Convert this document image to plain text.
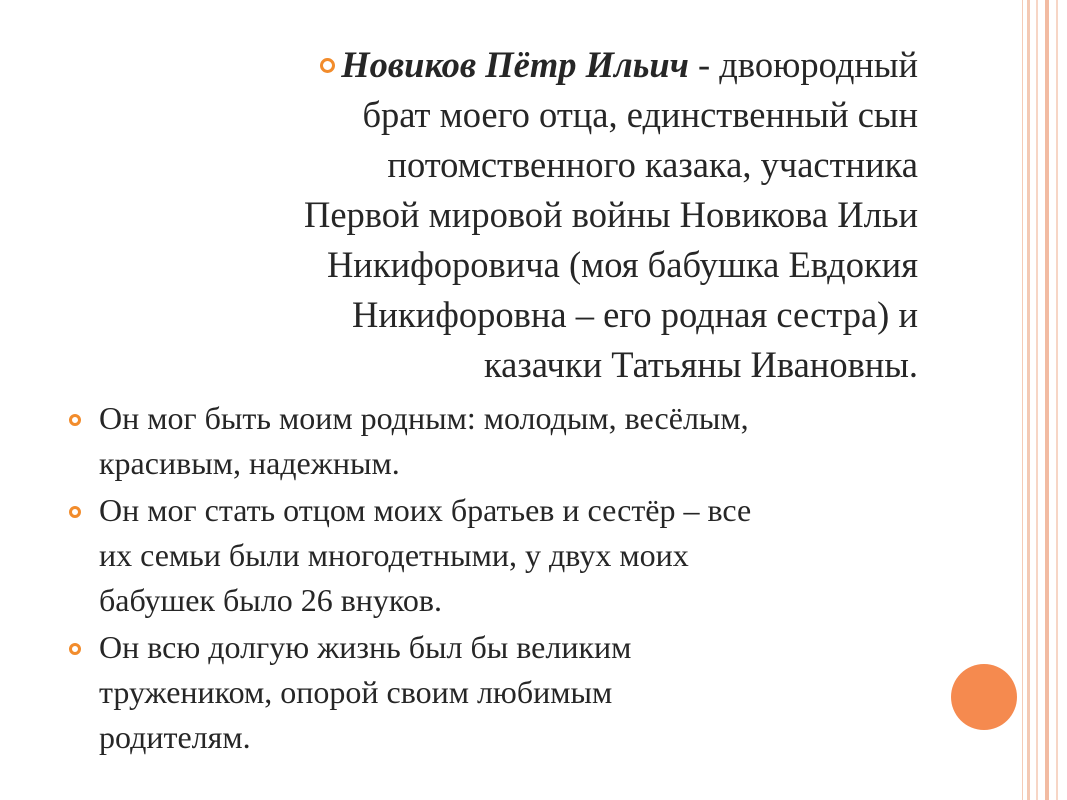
Новиков Пётр Ильич - двоюродный
брат моего отца, единственный сын
потомственного казака, участника
Первой мировой войны Новикова Ильи
Никифоровича (моя бабушка Евдокия
Никифоровна – его родная сестра) и
казачки Татьяны Ивановны.
Он мог быть моим родным: молодым, весёлым,
красивым, надежным.
Он мог стать отцом моих братьев и сестёр – все
их семьи были многодетными, у двух моих
бабушек было 26 внуков.
Он всю долгую жизнь был бы великим
тружеником, опорой своим любимым
родителям.
